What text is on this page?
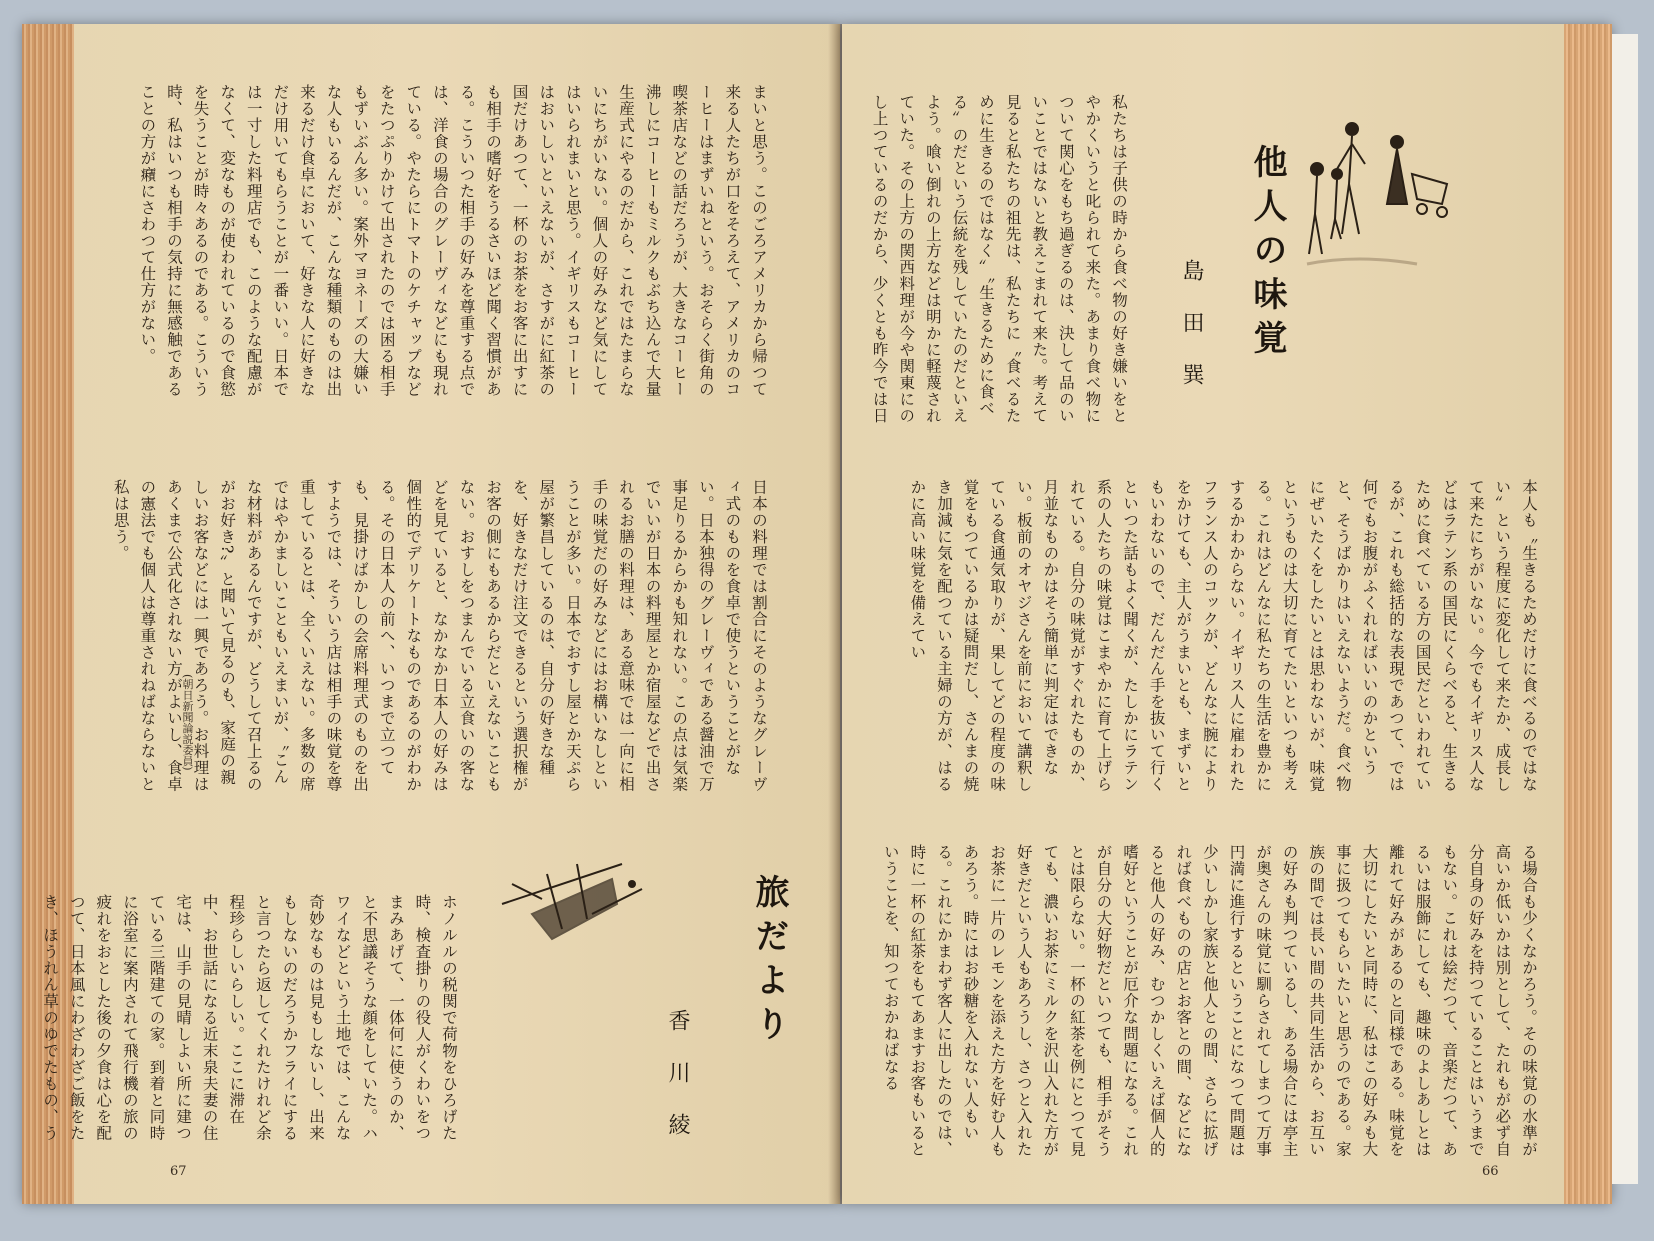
まいと思う。このごろアメリカから帰つて来る人たちが口をそろえて、アメリカのコーヒーはまずいねという。おそらく街角の喫茶店などの話だろうが、大きなコーヒー沸しにコーヒーもミルクもぶち込んで大量生産式にやるのだから、これではたまらないにちがいない。個人の好みなど気にしてはいられまいと思う。イギリスもコーヒーはおいしいといえないが、さすがに紅茶の国だけあつて、一杯のお茶をお客に出すにも相手の嗜好をうるさいほど聞く習慣がある。こういつた相手の好みを尊重する点では、洋食の場合のグレーヴィなどにも現れている。やたらにトマトのケチャップなどをたつぷりかけて出されたのでは困る相手もずいぶん多い。案外マヨネーズの大嫌いな人もいるんだが、こんな種類のものは出来るだけ食卓において、好きな人に好きなだけ用いてもらうことが一番いい。日本では一寸した料理店でも、このような配慮がなくて、変なものが使われているので食慾を失うことが時々あるのである。こういう時、私はいつも相手の気持に無感触であることの方が癪にさわつて仕方がない。

日本の料理では割合にそのようなグレーヴィ式のものを食卓で使うということがない。日本独得のグレーヴィである醤油で万事足りるからかも知れない。この点は気楽でいいが日本の料理屋とか宿屋などで出されるお膳の料理は、ある意味では一向に相手の味覚だの好みなどにはお構いなしということが多い。日本でおすし屋とか天ぷら屋が繁昌しているのは、自分の好きな種を、好きなだけ注文できるという選択権がお客の側にもあるからだといえないこともない。おすしをつまんでいる立食いの客などを見ていると、なかなか日本人の好みは個性的でデリケートなものであるのがわかる。その日本人の前へ、いつまで立つても、見掛けばかしの会席料理式のものを出すようでは、そういう店は相手の味覚を尊重しているとは、全くいえない。多数の席ではやかましいこともいえまいが、〝こんな材料があるんですが、どうして召上るのがお好き?〟と聞いて見るのも、家庭の親しいお客などには一興であろう。お料理はあくまで公式化されない方がよいし、食卓の憲法でも個人は尊重されねばならないと私は思う。

(朝日新聞論説委員)
旅だより
香川綾

ホノルルの税関で荷物をひろげた時、検査掛りの役人がくわいをつまみあげて、一体何に使うのか、と不思議そうな顔をしていた。ハワイなどという土地では、こんな奇妙なものは見もしないし、出来もしないのだろうかフライにすると言つたら返してくれたけれど余程珍らしいらしい。ここに滞在中、お世話になる近末泉夫妻の住宅は、山手の見晴しよい所に建つている三階建ての家。到着と同時に浴室に案内されて飛行機の旅の疲れをおとした後の夕食は心を配つて、日本風にわざわざご飯をたき、ほうれん草のゆでたもの、う

67
他人の味覚
島田巽

私たちは子供の時から食べ物の好き嫌いをとやかくいうと叱られて来た。あまり食べ物について関心をもち過ぎるのは、決して品のいいことではないと教えこまれて来た。考えて見ると私たちの祖先は、私たちに〝食べるために生きるのではなく〟〝生きるために食べる〟のだという伝統を残していたのだといえよう。喰い倒れの上方などは明かに軽蔑されていた。その上方の関西料理が今や関東にのし上つているのだから、少くとも昨今では日

本人も〝生きるためだけに食べるのではない〟という程度に変化して来たか、成長して来たにちがいない。今でもイギリス人などはラテン系の国民にくらべると、生きるために食べている方の国民だといわれているが、これも総括的な表現であつて、では何でもお腹がふくれればいいのかというと、そうばかりはいえないようだ。食べ物にぜいたくをしたいとは思わないが、味覚というものは大切に育てたいといつも考える。これはどんなに私たちの生活を豊かにするかわからない。イギリス人に雇われたフランス人のコックが、どんなに腕によりをかけても、主人がうまいとも、まずいともいわないので、だんだん手を抜いて行くといつた話もよく聞くが、たしかにラテン系の人たちの味覚はこまやかに育て上げられている。自分の味覚がすぐれたものか、月並なものかはそう簡単に判定はできない。板前のオヤジさんを前において講釈している食通気取りが、果してどの程度の味覚をもつているかは疑問だし、さんまの焼き加減に気を配つている主婦の方が、はるかに高い味覚を備えてい

る場合も少くなかろう。その味覚の水準が高いか低いかは別として、たれもが必ず自分自身の好みを持つていることはいうまでもない。これは絵だつて、音楽だつて、あるいは服飾にしても、趣味のよしあしとは離れて好みがあるのと同様である。味覚を大切にしたいと同時に、私はこの好みも大事に扱つてもらいたいと思うのである。家族の間では長い間の共同生活から、お互いの好みも判つているし、ある場合には亭主が奥さんの味覚に馴らされてしまつて万事円満に進行するということになつて問題は少いしかし家族と他人との間、さらに拡げれば食べものの店とお客との間、などになると他人の好み、むつかしくいえば個人的嗜好ということが厄介な問題になる。これが自分の大好物だといつても、相手がそうとは限らない。一杯の紅茶を例にとつて見ても、濃いお茶にミルクを沢山入れた方が好きだという人もあろうし、さつと入れたお茶に一片のレモンを添えた方を好む人もあろう。時にはお砂糖を入れない人もいる。これにかまわず客人に出したのでは、時に一杯の紅茶をもてあますお客もいるということを、知つておかねばなる

66
